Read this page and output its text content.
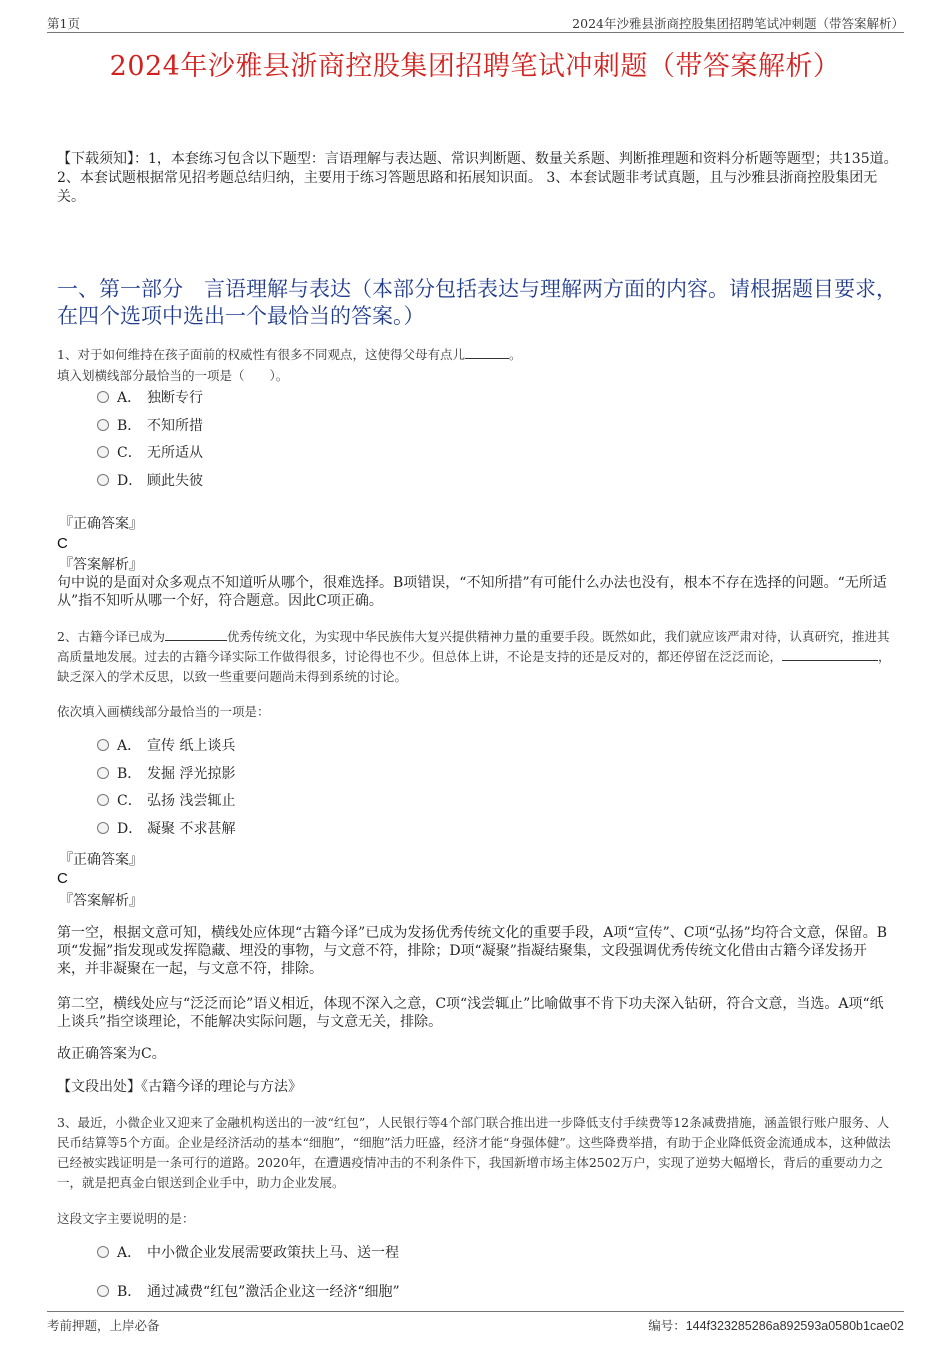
第1页	2024年沙雅县浙商控股集团招聘笔试冲刺题（带答案解析）
2024年沙雅县浙商控股集团招聘笔试冲刺题（带答案解析）
【下载须知】：1，本套练习包含以下题型：言语理解与表达题、常识判断题、数量关系题、判断推理题和资料分析题等题型；共135道。 2、本套试题根据常见招考题总结归纳，主要用于练习答题思路和拓展知识面。 3、本套试题非考试真题，且与沙雅县浙商控股集团无关。
一、第一部分　言语理解与表达（本部分包括表达与理解两方面的内容。请根据题目要求，在四个选项中选出一个最恰当的答案。）
1、对于如何维持在孩子面前的权威性有很多不同观点，这使得父母有点儿	。
填入划横线部分最恰当的一项是（　　）。
A． 独断专行
B． 不知所措
C． 无所适从
D． 顾此失彼
『正确答案』
C
『答案解析』
句中说的是面对众多观点不知道听从哪个，很难选择。B项错误，“不知所措”有可能什么办法也没有，根本不存在选择的问题。“无所适从”指不知听从哪一个好，符合题意。因此C项正确。
2、古籍今译已成为	优秀传统文化，为实现中华民族伟大复兴提供精神力量的重要手段。既然如此，我们就应该严肃对待，认真研究，推进其高质量地发展。过去的古籍今译实际工作做得很多，讨论得也不少。但总体上讲，不论是支持的还是反对的，都还停留在泛泛而论，	，缺乏深入的学术反思，以致一些重要问题尚未得到系统的讨论。
依次填入画横线部分最恰当的一项是：
A． 宣传 纸上谈兵
B． 发掘 浮光掠影
C． 弘扬 浅尝辄止
D． 凝聚 不求甚解
『正确答案』
C
『答案解析』
第一空，根据文意可知，横线处应体现“古籍今译”已成为发扬优秀传统文化的重要手段，A项“宣传”、C项“弘扬”均符合文意，保留。B项“发掘”指发现或发挥隐藏、埋没的事物，与文意不符，排除；D项“凝聚”指凝结聚集，文段强调优秀传统文化借由古籍今译发扬开来，并非凝聚在一起，与文意不符，排除。
第二空，横线处应与“泛泛而论”语义相近，体现不深入之意，C项“浅尝辄止”比喻做事不肯下功夫深入钻研，符合文意，当选。A项“纸上谈兵”指空谈理论，不能解决实际问题，与文意无关，排除。
故正确答案为C。
【文段出处】《古籍今译的理论与方法》
3、最近，小微企业又迎来了金融机构送出的一波“红包”，人民银行等4个部门联合推出进一步降低支付手续费等12条减费措施，涵盖银行账户服务、人民币结算等5个方面。企业是经济活动的基本“细胞”，“细胞”活力旺盛，经济才能“身强体健”。这些降费举措，有助于企业降低资金流通成本，这种做法已经被实践证明是一条可行的道路。2020年，在遭遇疫情冲击的不利条件下，我国新增市场主体2502万户，实现了逆势大幅增长，背后的重要动力之一，就是把真金白银送到企业手中，助力企业发展。
这段文字主要说明的是：
A． 中小微企业发展需要政策扶上马、送一程
B． 通过减费“红包”激活企业这一经济“细胞”
考前押题，上岸必备	编号：144f323285286a892593a0580b1cae02
